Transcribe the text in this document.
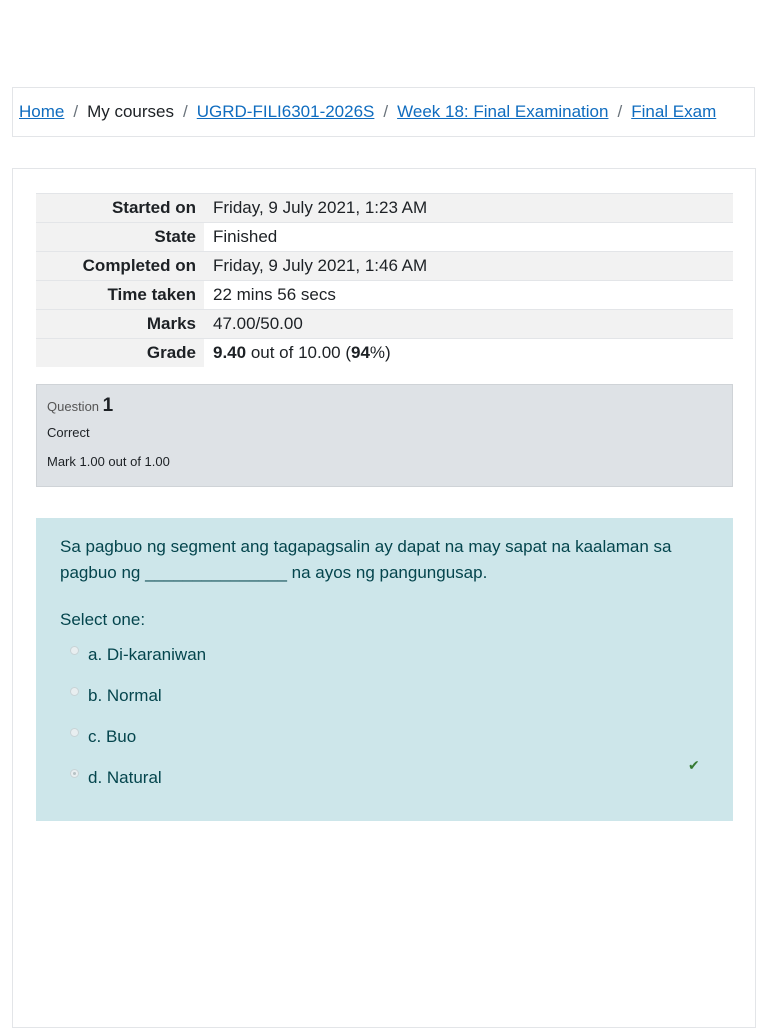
Home / My courses / UGRD-FILI6301-2026S / Week 18: Final Examination / Final Exam
Started on	Friday, 9 July 2021, 1:23 AM
State	Finished
Completed on	Friday, 9 July 2021, 1:46 AM
Time taken	22 mins 56 secs
Marks	47.00/50.00
Grade	9.40 out of 10.00 (94%)
Question 1
Correct
Mark 1.00 out of 1.00
Sa pagbuo ng segment ang tagapagsalin ay dapat na may sapat na kaalaman sa pagbuo ng _______________ na ayos ng pangungusap.
Select one:
a. Di-karaniwan
b. Normal
c. Buo
d. Natural
✔
